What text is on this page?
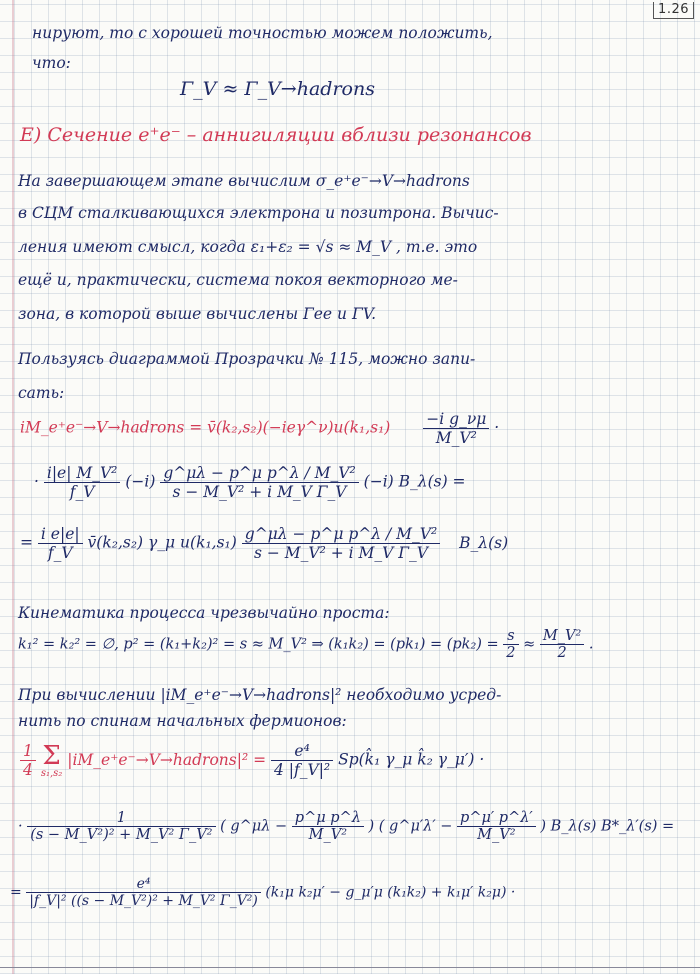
1.26
нируют, то с хорошей точностью можем положить,
что:
Γ_V ≈ Γ_V→hadrons
E) Сечение e⁺e⁻ – аннигиляции вблизи резонансов
На завершающем этапе вычислим σ_e⁺e⁻→V→hadrons
в СЦМ сталкивающихся электрона и позитрона. Вычис-
ления имеют смысл, когда ε₁+ε₂ = √s ≈ M_V , т.е. это
ещё и, практически, система покоя векторного ме-
зона, в которой выше вычислены Γee и ΓV.
Пользуясь диаграммой Прозрачки № 115, можно запи-
сать:
iM_e⁺e⁻→V→hadrons = v̄(k₂,s₂)(−ieγ^ν)u(k₁,s₁) $\frac{\text{−i g\_νμ}}{\text{M\_V²}}$ ·
· $\frac{\text{i|e| M\_V²}}{f\_V} (-i) \frac{\text{g\textasciicircum{}μλ − p\textasciicircum{}μ p\textasciicircum{}λ / M\_V²}}{\text{s − M\_V² + i M\_V Γ\_V}} (-i)$ B_λ(s) =
= $\frac{\text{i e|e|}}{f\_V}$ v̄(k₂,s₂) γ_μ $u(k_1,s_1) \frac{\text{g\textasciicircum{}μλ − p\textasciicircum{}μ p\textasciicircum{}λ / M\_V²}}{\text{s − M\_V² + i M\_V Γ\_V}}$ B_λ(s)
Кинематика процесса чрезвычайно проста:
k₁² = k₂² = ∅, p² = (k₁+k₂)² = s ≈ M_V² ⇒ $(k_1k_2) = (pk_1) = (pk_2) = \frac{s}{2} \approx \frac{\text{M\_V²}}{2}$ .
При вычислении |iM_e⁺e⁻→V→hadrons|² необходимо усред-
нить по спинам начальных фермионов:
$\frac{1}{4}$
Σ
s₁,s₂
|iM_e⁺e⁻→V→hadrons|² = $\frac{\text{e⁴}}{\text{4 |f\_V|²}}$ Sp(k̂₁ γ_μ k̂₂ γ_μ′) ·
· $\frac{1}{\text{(s − M\_V²)² + M\_V² Γ\_V²}}$ ( g^μλ − $\frac{\text{p\textasciicircum{}μ p\textasciicircum{}λ}}{\text{M\_V²}}$ ) ( g^μ′λ′ − $\frac{p\^{}\mu' p\^{}\lambda'}{\text{M\_V²}}$ ) B_λ(s) B*_λ′(s) =
= $\frac{\text{e⁴}}{\text{|f\_V|² ((s − M\_V²)² + M\_V² Γ\_V²)}} (k_1\mu$ k₂μ′ − g_μ′μ (k₁k₂) + k₁μ′ k₂μ) ·
